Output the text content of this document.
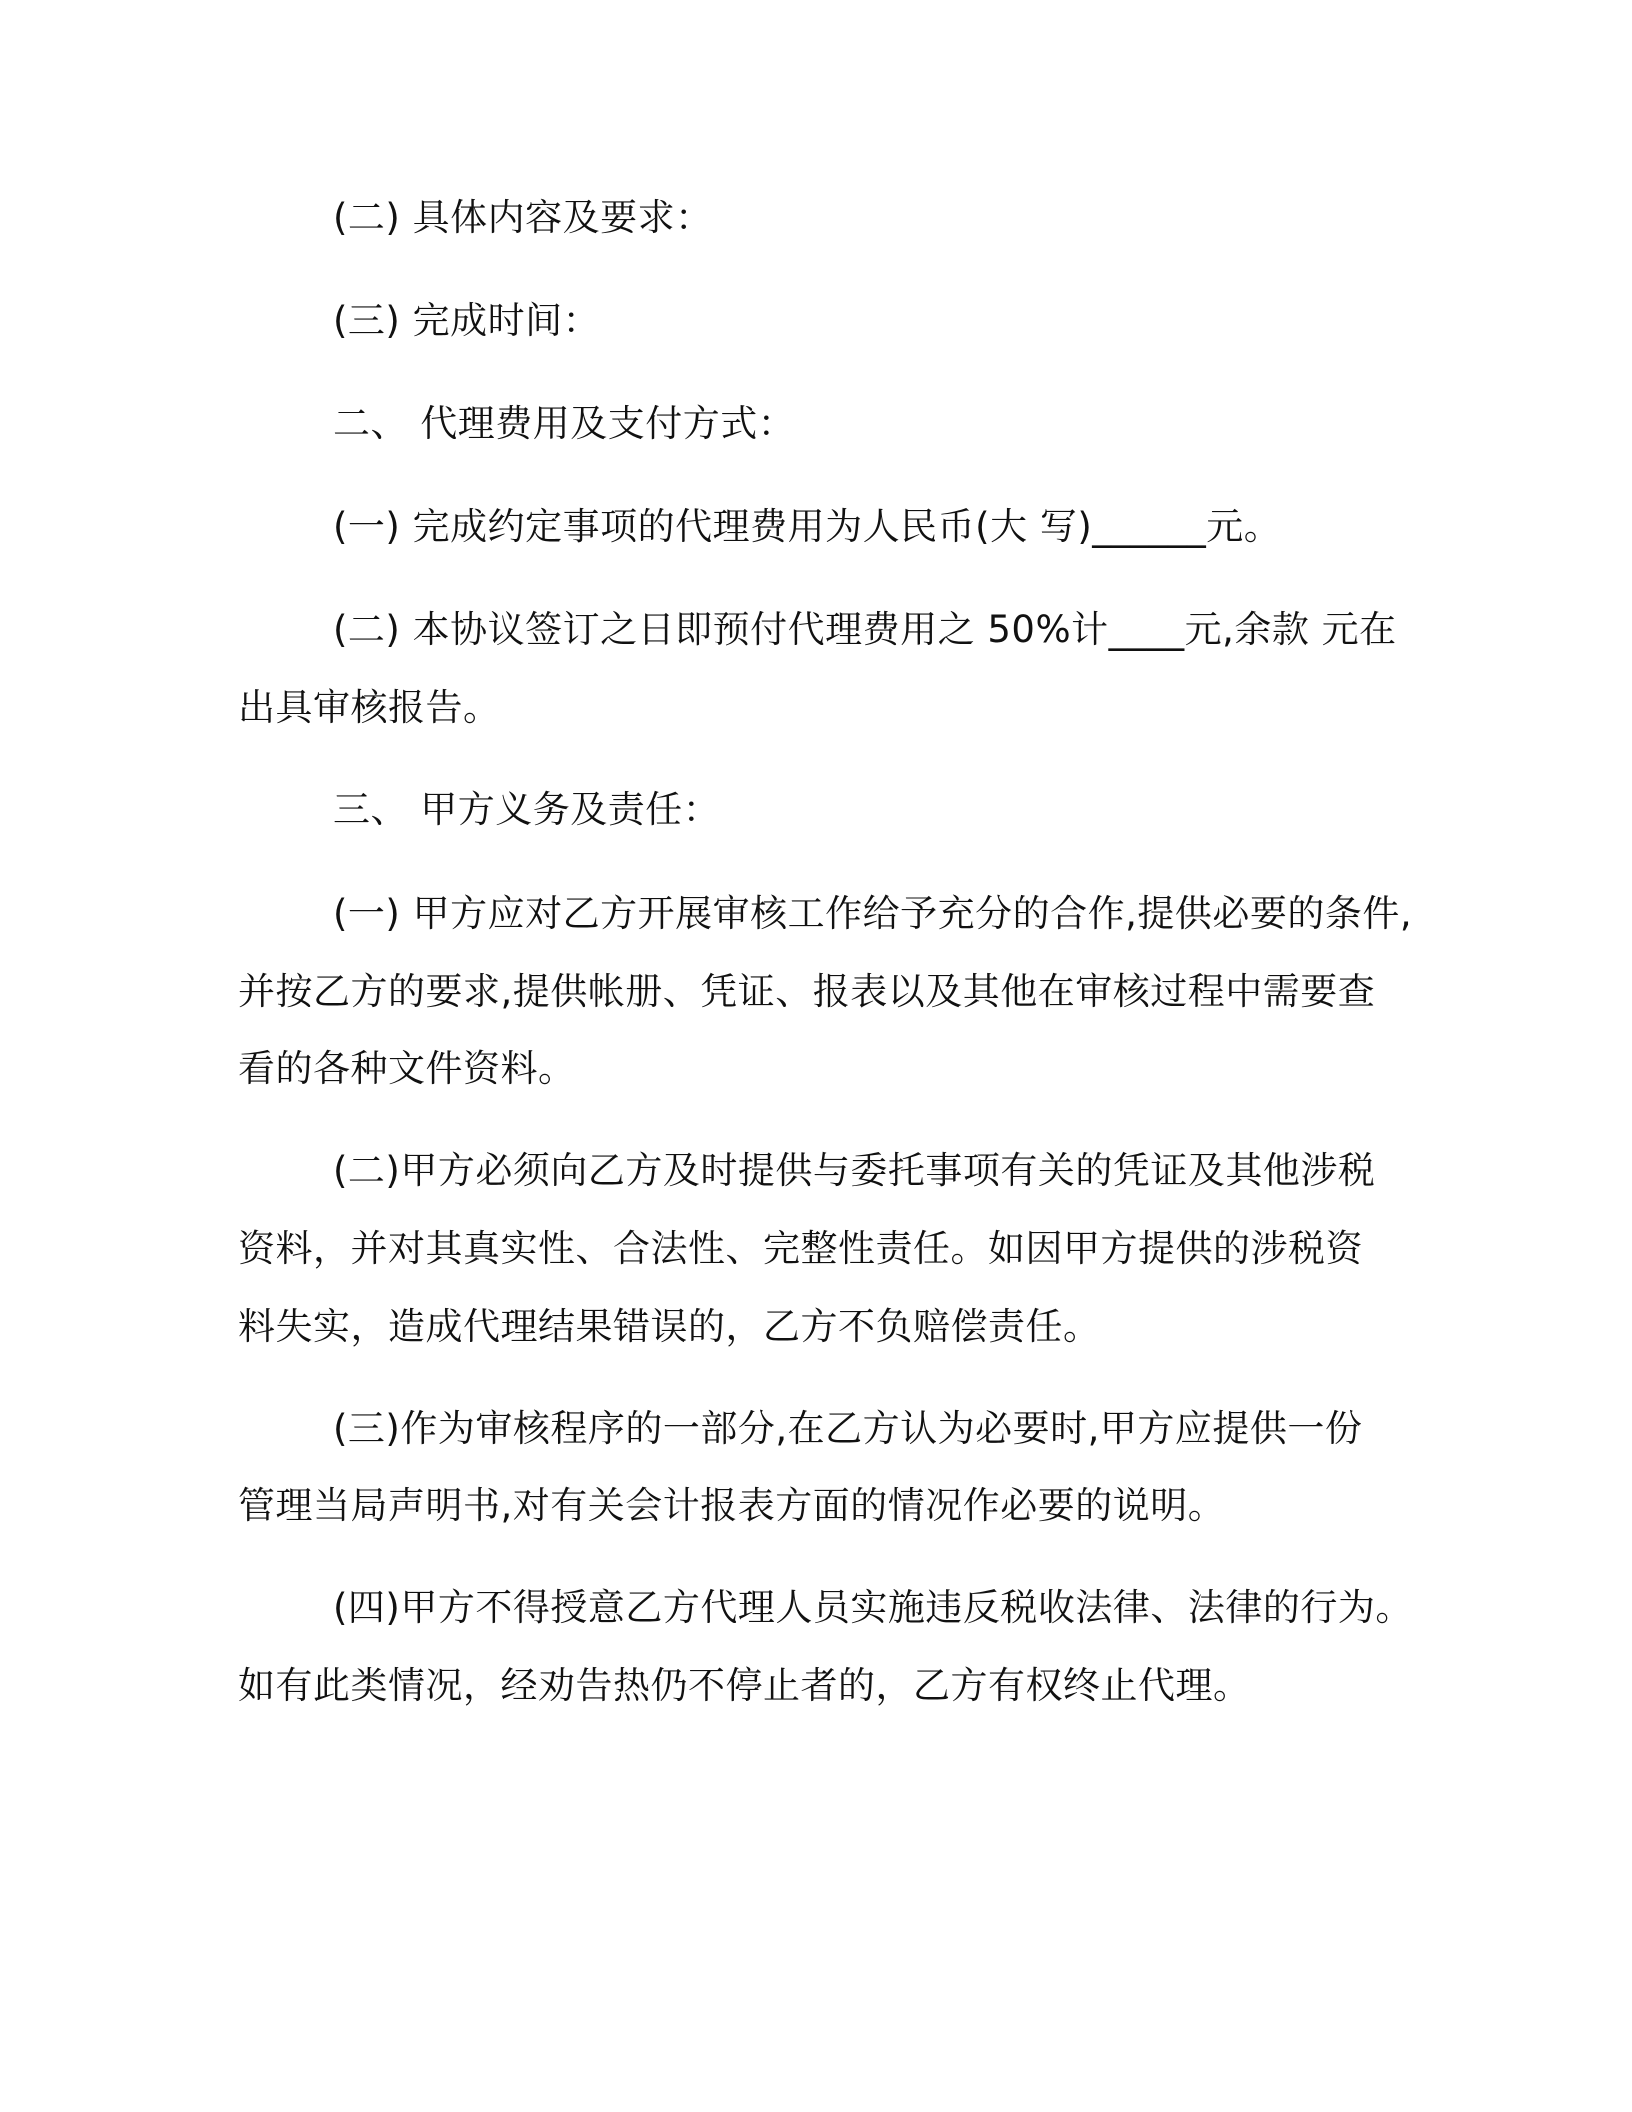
(二) 具体内容及要求：
(三) 完成时间：
二、 代理费用及支付方式：
(一) 完成约定事项的代理费用为人民币(大 写)______元。
(二) 本协议签订之日即预付代理费用之 50%计____元,余款 元在
出具审核报告。
三、 甲方义务及责任：
(一) 甲方应对乙方开展审核工作给予充分的合作,提供必要的条件,
并按乙方的要求,提供帐册、凭证、报表以及其他在审核过程中需要查
看的各种文件资料。
(二)甲方必须向乙方及时提供与委托事项有关的凭证及其他涉税
资料，并对其真实性、合法性、完整性责任。如因甲方提供的涉税资
料失实，造成代理结果错误的，乙方不负赔偿责任。
(三)作为审核程序的一部分,在乙方认为必要时,甲方应提供一份
管理当局声明书,对有关会计报表方面的情况作必要的说明。
(四)甲方不得授意乙方代理人员实施违反税收法律、法律的行为。
如有此类情况，经劝告热仍不停止者的，乙方有权终止代理。
